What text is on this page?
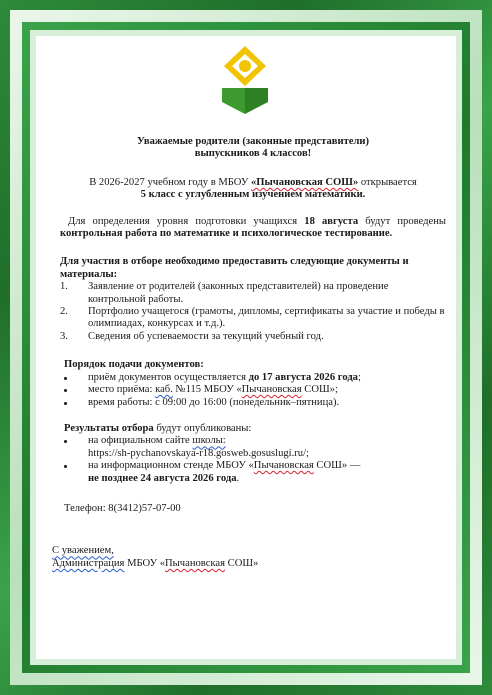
Уважаемые родители (законные представители)
выпускников 4 классов!

В 2026-2027 учебном году в МБОУ «Пычановская СОШ» открывается
5 класс с углубленным изучением математики.

Для определения уровня подготовки учащихся 18 августа будут проведены контрольная работа по математике и психологическое тестирование.

Для участия в отборе необходимо предоставить следующие документы и материалы:

1. Заявление от родителей (законных представителей) на проведение контрольной работы.
2. Портфолио учащегося (грамоты, дипломы, сертификаты за участие и победы в олимпиадах, конкурсах и т.д.).
3. Сведения об успеваемости за текущий учебный год.

Порядок подачи документов:

приём документов осуществляется до 17 августа 2026 года;
место приёма: каб. №115 МБОУ «Пычановская СОШ»;
время работы: с 09:00 до 16:00 (понедельник–пятница).

Результаты отбора будут опубликованы:

на официальном сайте школы:
https://sh-pychanovskaya-r18.gosweb.gosuslugi.ru/;
на информационном стенде МБОУ «Пычановская СОШ» —
не позднее 24 августа 2026 года.

Телефон: 8(3412)57-07-00

С уважением,
Администрация МБОУ «Пычановская СОШ»
